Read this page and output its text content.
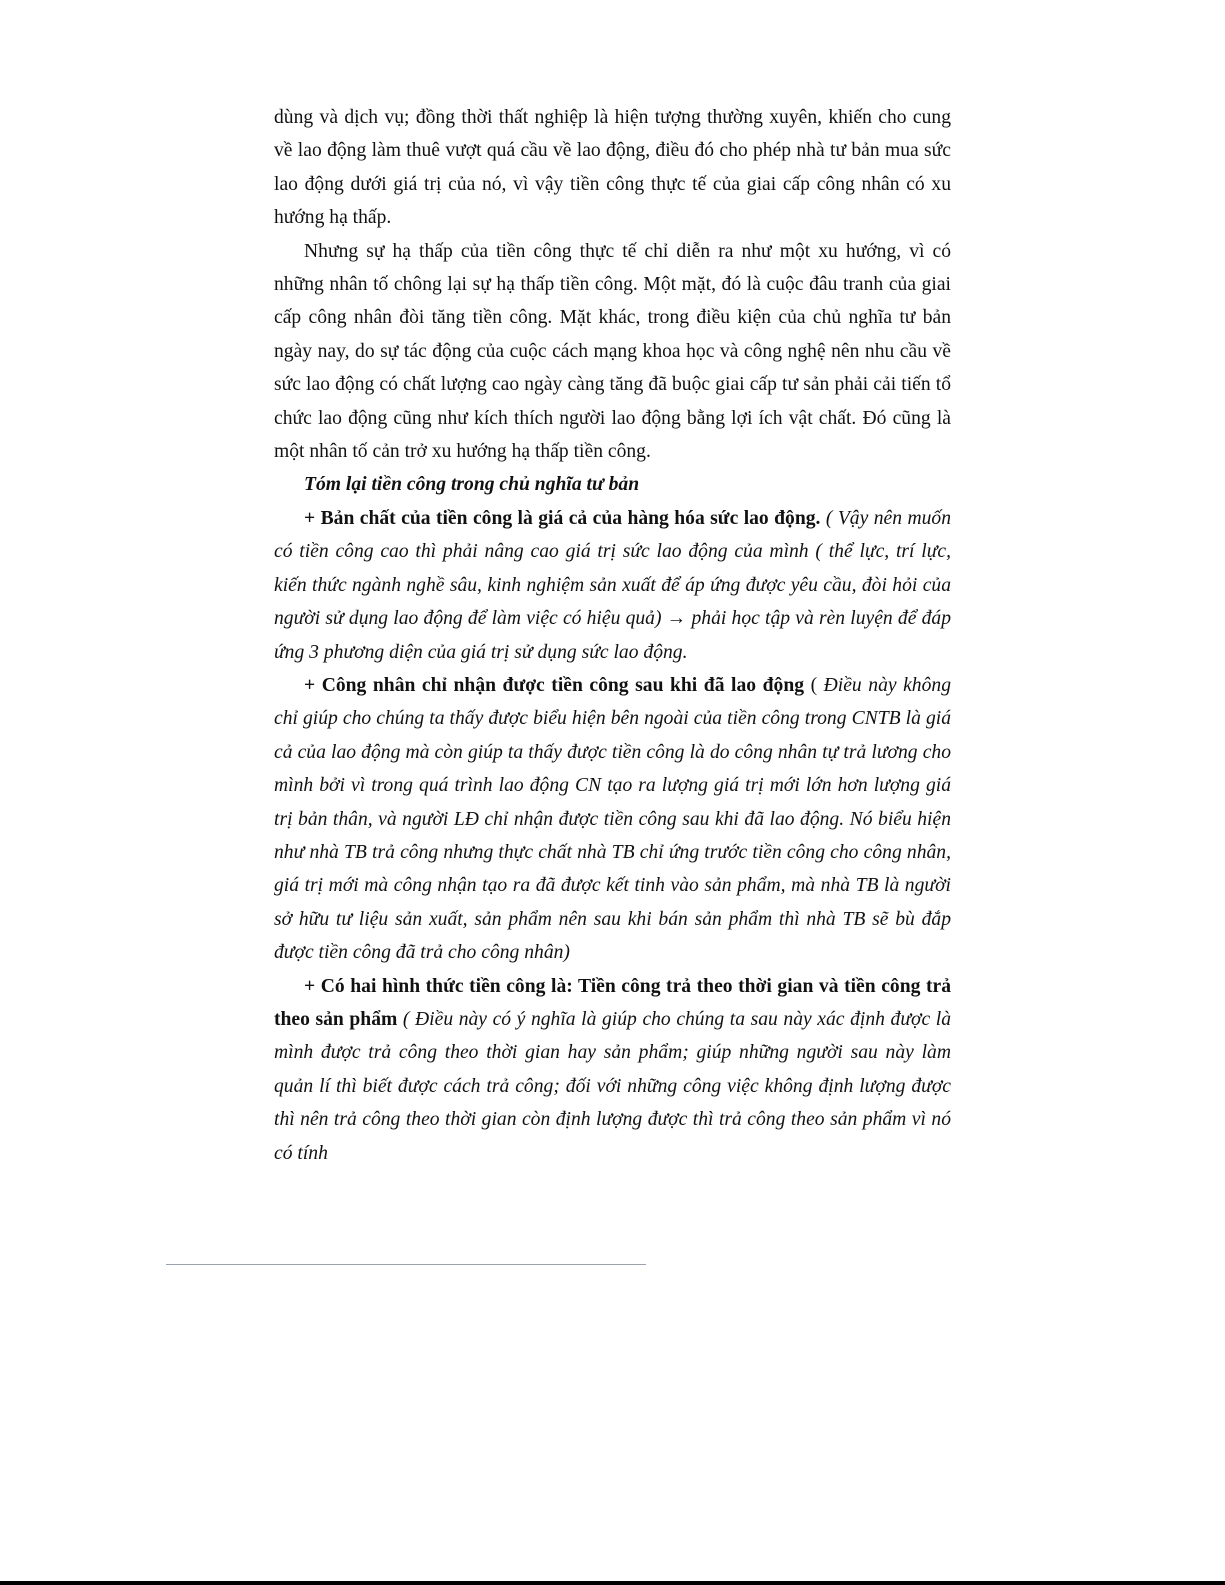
dùng và dịch vụ; đồng thời thất nghiệp là hiện tượng thường xuyên, khiến cho cung về lao động làm thuê vượt quá cầu về lao động, điều đó cho phép nhà tư bản mua sức lao động dưới giá trị của nó, vì vậy tiền công thực tế của giai cấp công nhân có xu hướng hạ thấp.

Nhưng sự hạ thấp của tiền công thực tế chỉ diễn ra như một xu hướng, vì có những nhân tố chông lại sự hạ thấp tiền công. Một mặt, đó là cuộc đâu tranh của giai cấp công nhân đòi tăng tiền công. Mặt khác, trong điều kiện của chủ nghĩa tư bản ngày nay, do sự tác động của cuộc cách mạng khoa học và công nghệ nên nhu cầu về sức lao động có chất lượng cao ngày càng tăng đã buộc giai cấp tư sản phải cải tiến tổ chức lao động cũng như kích thích người lao động bằng lợi ích vật chất. Đó cũng là một nhân tố cản trở xu hướng hạ thấp tiền công.

Tóm lại tiền công trong chủ nghĩa tư bản

+ Bản chất của tiền công là giá cả của hàng hóa sức lao động. ( Vậy nên muốn có tiền công cao thì phải nâng cao giá trị sức lao động của mình ( thể lực, trí lực, kiến thức ngành nghề sâu, kinh nghiệm sản xuất để áp ứng được yêu cầu, đòi hỏi của người sử dụng lao động để làm việc có hiệu quả) → phải học tập và rèn luyện để đáp ứng 3 phương diện của giá trị sử dụng sức lao động.

+ Công nhân chỉ nhận được tiền công sau khi đã lao động ( Điều này không chỉ giúp cho chúng ta thấy được biểu hiện bên ngoài của tiền công trong CNTB là giá cả của lao động mà còn giúp ta thấy được tiền công là do công nhân tự trả lương cho mình bởi vì trong quá trình lao động CN tạo ra lượng giá trị mới lớn hơn lượng giá trị bản thân, và người LĐ chỉ nhận được tiền công sau khi đã lao động. Nó biểu hiện như nhà TB trả công nhưng thực chất nhà TB chỉ ứng trước tiền công cho công nhân, giá trị mới mà công nhận tạo ra đã được kết tinh vào sản phẩm, mà nhà TB là người sở hữu tư liệu sản xuất, sản phẩm nên sau khi bán sản phẩm thì nhà TB sẽ bù đắp được tiền công đã trả cho công nhân)

+ Có hai hình thức tiền công là: Tiền công trả theo thời gian và tiền công trả theo sản phẩm ( Điều này có ý nghĩa là giúp cho chúng ta sau này xác định được là mình được trả công theo thời gian hay sản phẩm; giúp những người sau này làm quản lí thì biết được cách trả công; đối với những công việc không định lượng được thì nên trả công theo thời gian còn định lượng được thì trả công theo sản phẩm vì nó có tính
